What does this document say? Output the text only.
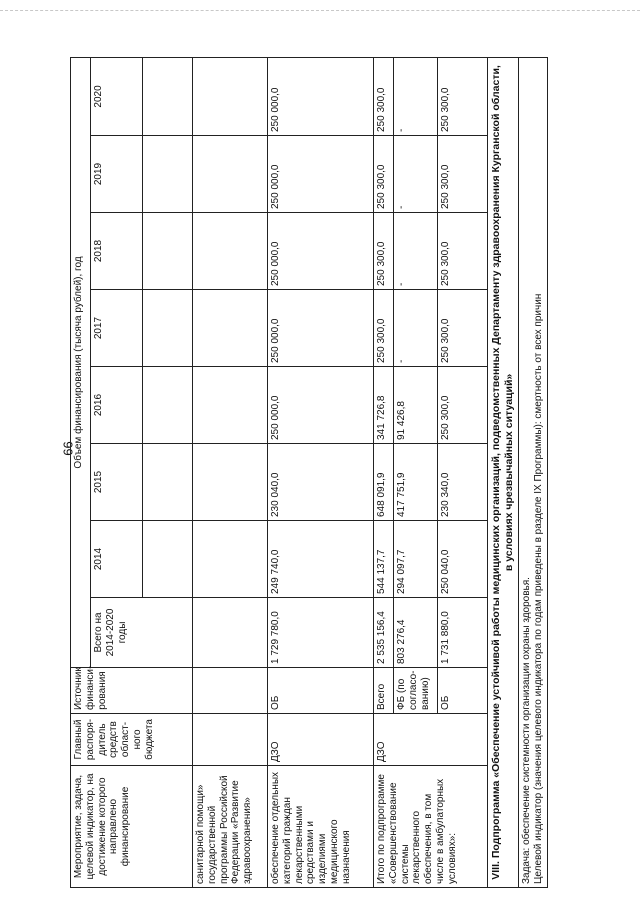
66
Мероприятие, задача, целевой индикатор, на достижение которого направлено финансирование	Главный распоря-дитель средств област-ного бюджета	Источник финанси-рования	Объем финансирования (тысяча рублей), год							
			Всего на 2014-2020 годы	2014	2015	2016	2017	2018	2019	2020

санитарной помощи» государственной программы Российской Федерации «Развитие здравоохранения»										
обеспечение отдельных категорий граждан лекарственными средствами и изделиями медицинского назначения	ДЗО	ОБ	1 729 780,0	249 740,0	230 040,0	250 000,0	250 000,0	250 000,0	250 000,0	250 000,0
Итого по подпрограмме «Совершенствование системы лекарственного обеспечения, в том числе в амбулаторных условиях»:	ДЗО	Всего	2 535 156,4	544 137,7	648 091,9	341 726,8	250 300,0	250 300,0	250 300,0	250 300,0
		ФБ (по согласо-ванию)	803 276,4	294 097,7	417 751,9	91 426,8	-	-	-	-
		ОБ	1 731 880,0	250 040,0	230 340,0	250 300,0	250 300,0	250 300,0	250 300,0	250 300,0
VIII. Подпрограмма «Обеспечение устойчивой работы медицинских организаций, подведомственных Департаменту здравоохранения Курганской области, в условиях чрезвычайных ситуаций»										

Задача: обеспечение системности организации охраны здоровья. Целевой индикатор (значения целевого индикатора по годам приведены в разделе IX Программы): смертность от всех причин										
